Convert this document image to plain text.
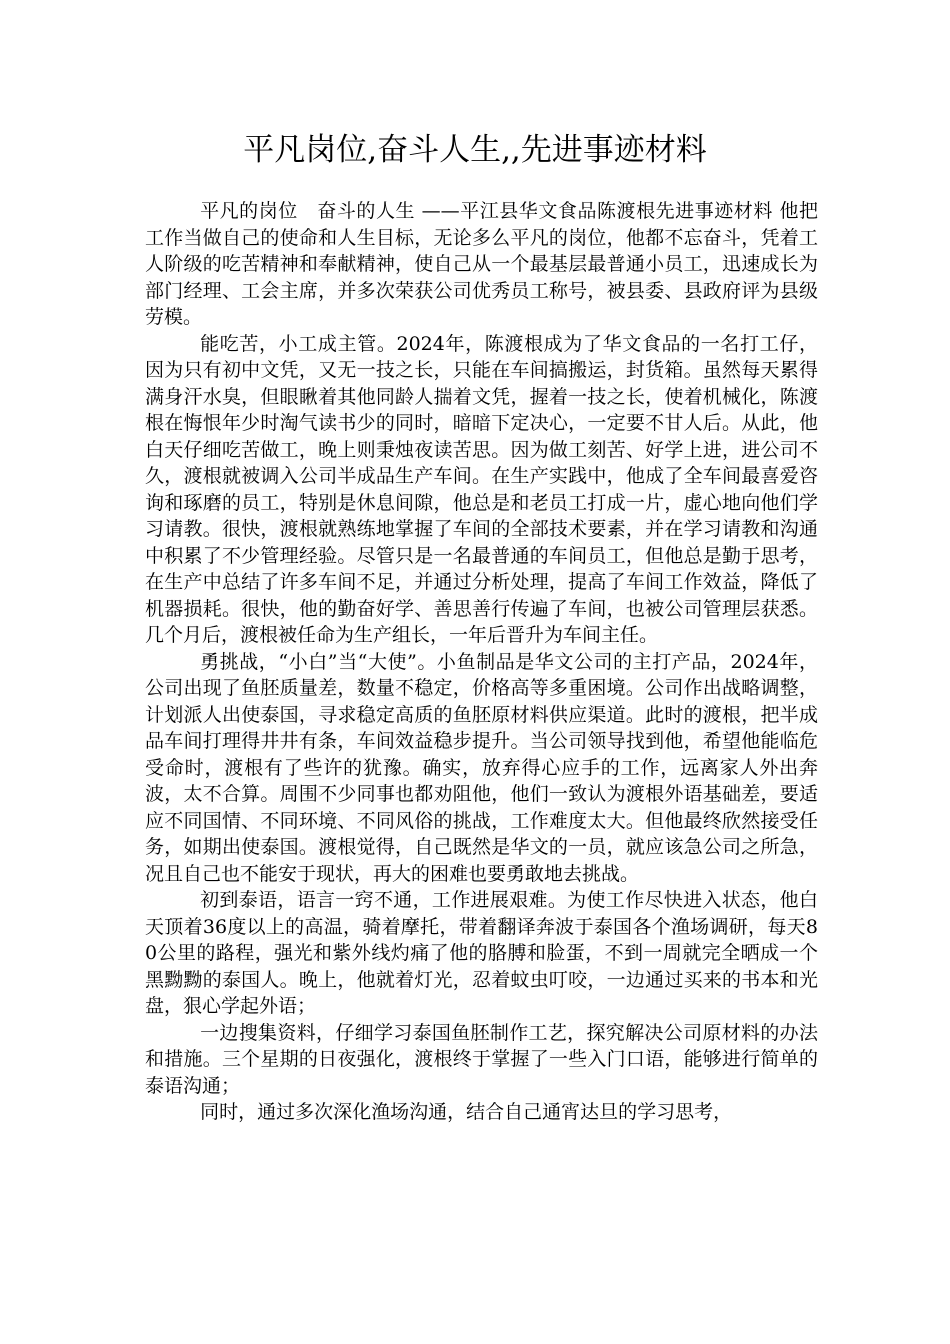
平凡岗位,奋斗人生,,先进事迹材料

平凡的岗位　奋斗的人生 ——平江县华文食品陈渡根先进事迹材料 他把工作当做自己的使命和人生目标，无论多么平凡的岗位，他都不忘奋斗，凭着工人阶级的吃苦精神和奉献精神，使自己从一个最基层最普通小员工，迅速成长为部门经理、工会主席，并多次荣获公司优秀员工称号，被县委、县政府评为县级劳模。

能吃苦，小工成主管。2024年，陈渡根成为了华文食品的一名打工仔，因为只有初中文凭，又无一技之长，只能在车间搞搬运，封货箱。虽然每天累得满身汗水臭，但眼瞅着其他同龄人揣着文凭，握着一技之长，使着机械化，陈渡根在悔恨年少时淘气读书少的同时，暗暗下定决心，一定要不甘人后。从此，他白天仔细吃苦做工，晚上则秉烛夜读苦思。因为做工刻苦、好学上进，进公司不久，渡根就被调入公司半成品生产车间。在生产实践中，他成了全车间最喜爱咨询和琢磨的员工，特别是休息间隙，他总是和老员工打成一片，虚心地向他们学习请教。很快，渡根就熟练地掌握了车间的全部技术要素，并在学习请教和沟通中积累了不少管理经验。尽管只是一名最普通的车间员工，但他总是勤于思考，在生产中总结了许多车间不足，并通过分析处理，提高了车间工作效益，降低了机器损耗。很快，他的勤奋好学、善思善行传遍了车间，也被公司管理层获悉。几个月后，渡根被任命为生产组长，一年后晋升为车间主任。

勇挑战，“小白”当“大使”。小鱼制品是华文公司的主打产品，2024年，公司出现了鱼胚质量差，数量不稳定，价格高等多重困境。公司作出战略调整，计划派人出使泰国，寻求稳定高质的鱼胚原材料供应渠道。此时的渡根，把半成品车间打理得井井有条，车间效益稳步提升。当公司领导找到他，希望他能临危受命时，渡根有了些许的犹豫。确实，放弃得心应手的工作，远离家人外出奔波，太不合算。周围不少同事也都劝阻他，他们一致认为渡根外语基础差，要适应不同国情、不同环境、不同风俗的挑战，工作难度太大。但他最终欣然接受任务，如期出使泰国。渡根觉得，自己既然是华文的一员，就应该急公司之所急，况且自己也不能安于现状，再大的困难也要勇敢地去挑战。

初到泰语，语言一窍不通，工作进展艰难。为使工作尽快进入状态，他白天顶着36度以上的高温，骑着摩托，带着翻译奔波于泰国各个渔场调研，每天80公里的路程，强光和紫外线灼痛了他的胳膊和脸蛋，不到一周就完全晒成一个黑黝黝的泰国人。晚上，他就着灯光，忍着蚊虫叮咬，一边通过买来的书本和光盘，狠心学起外语；

一边搜集资料，仔细学习泰国鱼胚制作工艺，探究解决公司原材料的办法和措施。三个星期的日夜强化，渡根终于掌握了一些入门口语，能够进行简单的泰语沟通；

同时，通过多次深化渔场沟通，结合自己通宵达旦的学习思考，
